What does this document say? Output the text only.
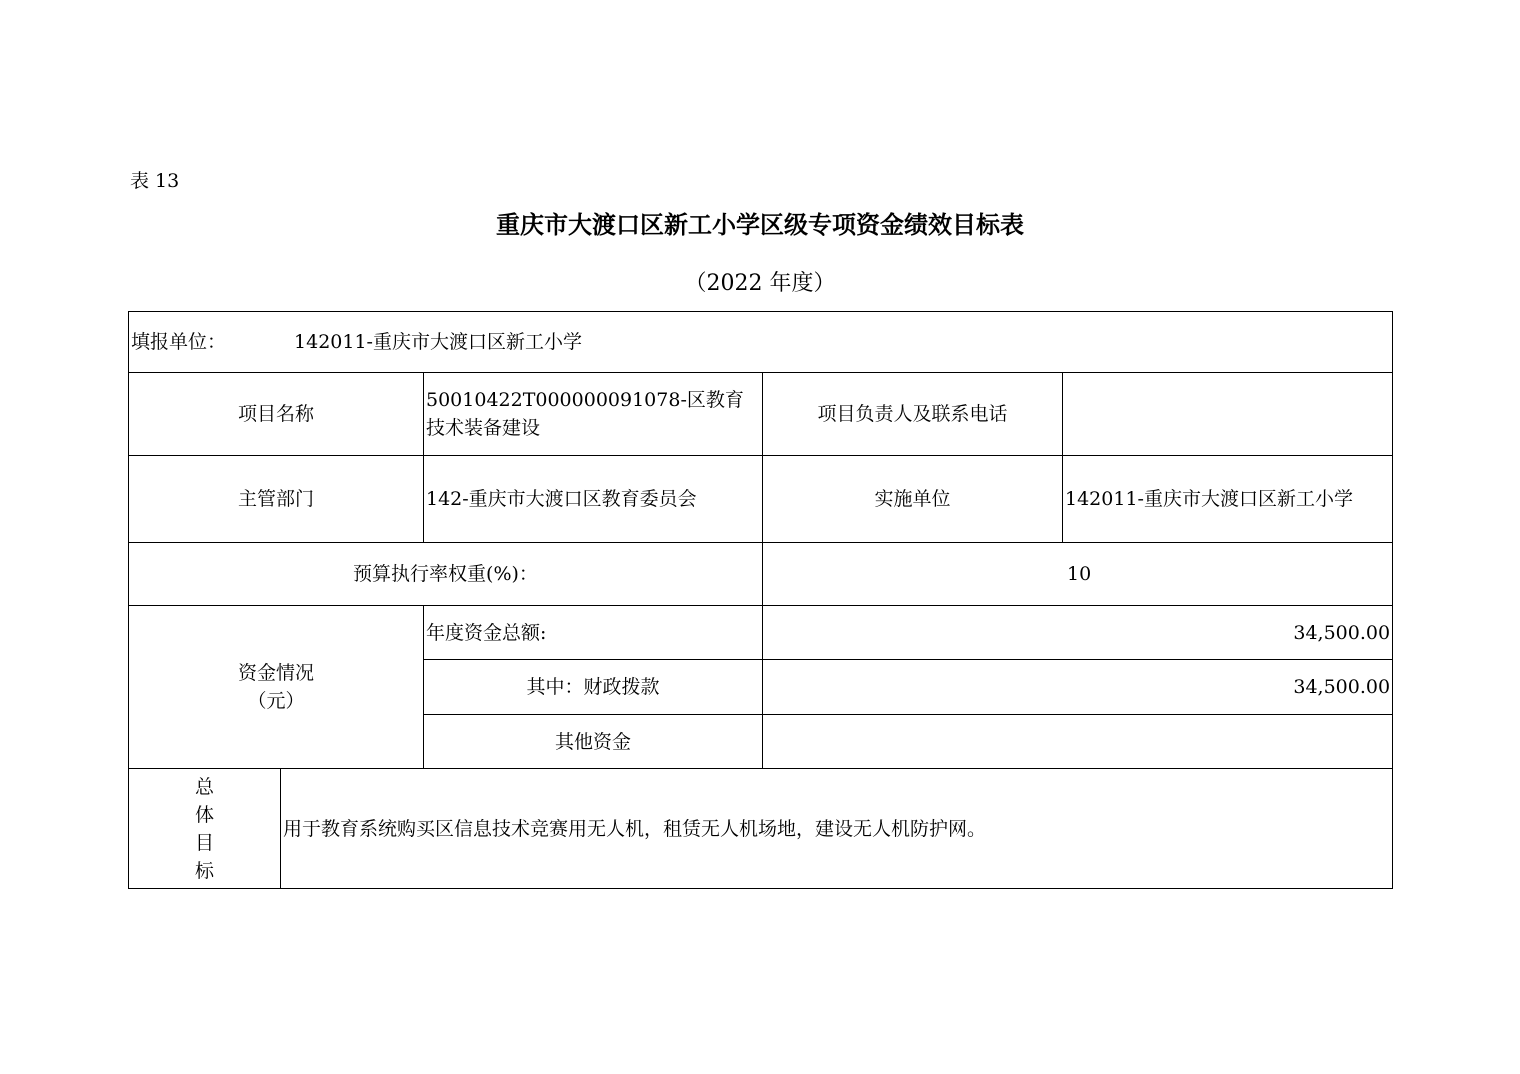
表 13
重庆市大渡口区新工小学区级专项资金绩效目标表
（2022 年度）
填报单位： 142011-重庆市大渡口区新工小学				
项目名称		50010422T000000091078-区教育技术装备建设	项目负责人及联系电话	
主管部门		142-重庆市大渡口区教育委员会	实施单位	142011-重庆市大渡口区新工小学
预算执行率权重(%)：			10	
资金情况
（元）		年度资金总额:	34,500.00	
		其中：财政拨款	34,500.00	
		其他资金		

总
体
目
标	用于教育系统购买区信息技术竞赛用无人机，租赁无人机场地，建设无人机防护网。			
